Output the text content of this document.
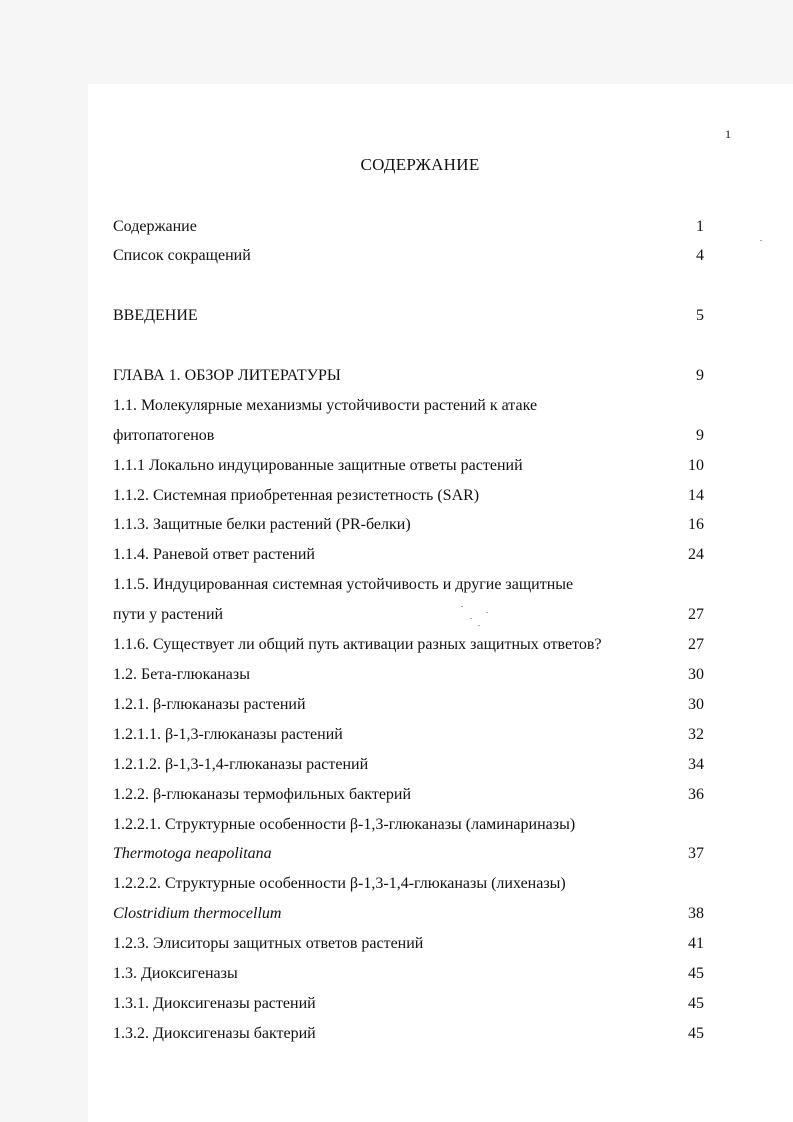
1
СОДЕРЖАНИЕ
Содержание	1
Список сокращений	4
ВВЕДЕНИЕ	5
ГЛАВА 1. ОБЗОР ЛИТЕРАТУРЫ	9
1.1. Молекулярные механизмы устойчивости растений к атаке
фитопатогенов	9
1.1.1 Локально индуцированные защитные ответы растений	10
1.1.2. Системная приобретенная резистетность (SAR)	14
1.1.3. Защитные белки растений (PR-белки)	16
1.1.4. Раневой ответ растений	24
1.1.5. Индуцированная системная устойчивость и другие защитные
пути у растений	27
1.1.6. Существует ли общий путь активации разных защитных ответов?	27
1.2. Бета-глюканазы	30
1.2.1. β-глюканазы растений	30
1.2.1.1. β-1,3-глюканазы растений	32
1.2.1.2. β-1,3-1,4-глюканазы растений	34
1.2.2. β-глюканазы термофильных бактерий	36
1.2.2.1. Структурные особенности β-1,3-глюканазы (ламинариназы)
Thermotoga neapolitana	37
1.2.2.2. Структурные особенности β-1,3-1,4-глюканазы (лихеназы)
Clostridium thermocellum	38
1.2.3. Элиситоры защитных ответов растений	41
1.3. Диоксигеназы	45
1.3.1. Диоксигеназы растений	45
1.3.2. Диоксигеназы бактерий	45
